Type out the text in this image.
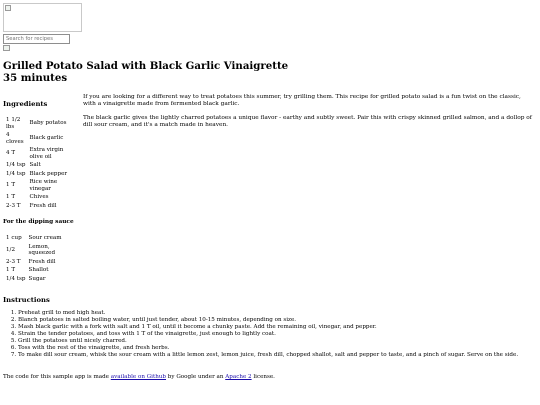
Search for recipes
Grilled Potato Salad with Black Garlic Vinaigrette
35 minutes
Ingredients
1 1/2 lbs	Baby potatos
4 cloves	Black garlic
4 T	Extra virgin olive oil
1/4 tsp	Salt
1/4 tsp	Black pepper
1 T	Rice wine vinegar
1 T	Chives
2-3 T	Fresh dill
For the dipping sauce
1 cup	Sour cream
1/2	Lemon, squeezed
2-3 T	Fresh dill
1 T	Shallot
1/4 tsp	Sugar

If you are looking for a different way to treat potatoes this summer, try grilling them. This recipe for grilled potato salad is a fun twist on the classic, with a vinaigrette made from fermented black garlic.

The black garlic gives the lightly charred potatoes a unique flavor - earthy and subtly sweet. Pair this with crispy skinned grilled salmon, and a dollop of dill sour cream, and it's a match made in heaven.

Instructions
1. Preheat grill to med high heat.
2. Blanch potatoes in salted boiling water, until just tender, about 10-15 minutes, depending on size.
3. Mash black garlic with a fork with salt and 1 T oil, until it become a chunky paste. Add the remaining oil, vinegar, and pepper.
4. Strain the tender potatoes, and toss with 1 T of the vinaigrette, just enough to lightly coat.
5. Grill the potatoes until nicely charred.
6. Toss with the rest of the vinaigrette, and fresh herbs.
7. To make dill sour cream, whisk the sour cream with a little lemon zest, lemon juice, fresh dill, chopped shallot, salt and pepper to taste, and a pinch of sugar. Serve on the side.
The code for this sample app is made available on Github by Google under an Apache 2 license.
